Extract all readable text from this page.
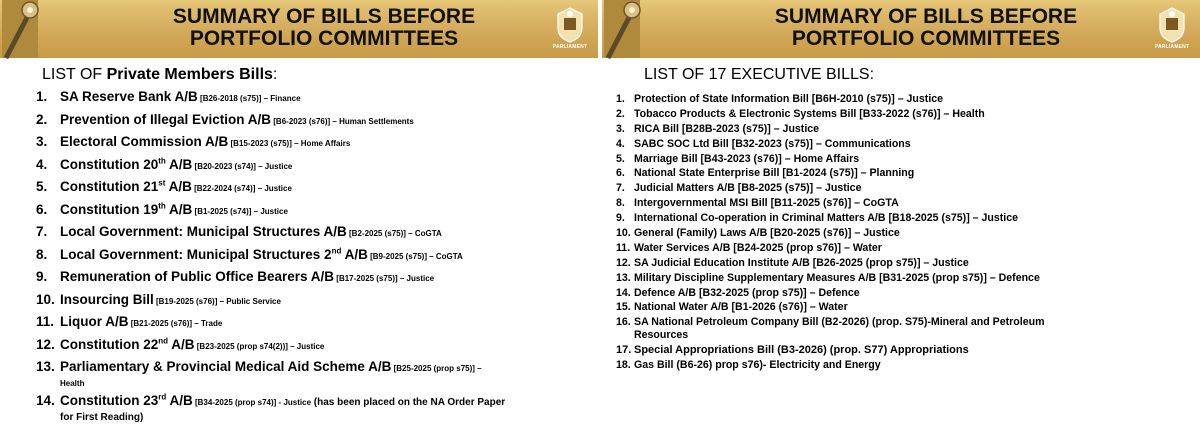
SUMMARY OF BILLS BEFORE
PORTFOLIO COMMITTEES	PARLIAMENT
LIST OF Private Members Bills:
1. SA Reserve Bank A/B [B26-2018 (s75)] – Finance
2. Prevention of Illegal Eviction A/B [B6-2023 (s76)] – Human Settlements
3. Electoral Commission A/B [B15-2023 (s75)] – Home Affairs
4. Constitution 20th A/B [B20-2023 (s74)] – Justice
5. Constitution 21st A/B [B22-2024 (s74)] – Justice
6. Constitution 19th A/B [B1-2025 (s74)] – Justice
7. Local Government: Municipal Structures A/B [B2-2025 (s75)] – CoGTA
8. Local Government: Municipal Structures 2nd A/B [B9-2025 (s75)] – CoGTA
9. Remuneration of Public Office Bearers A/B [B17-2025 (s75)] – Justice
10. Insourcing Bill [B19-2025 (s76)] – Public Service
11. Liquor A/B [B21-2025 (s76)] – Trade
12. Constitution 22nd A/B [B23-2025 (prop s74(2))] – Justice
13. Parliamentary & Provincial Medical Aid Scheme A/B [B25-2025 (prop s75)] –
Health
14. Constitution 23rd A/B [B34-2025 (prop s74)] - Justice (has been placed on the NA Order Paper
for First Reading)
SUMMARY OF BILLS BEFORE
PORTFOLIO COMMITTEES	PARLIAMENT
LIST OF 17 EXECUTIVE BILLS:
1. Protection of State Information Bill [B6H-2010 (s75)] – Justice
2. Tobacco Products & Electronic Systems Bill [B33-2022 (s76)] – Health
3. RICA Bill [B28B-2023 (s75)] – Justice
4. SABC SOC Ltd Bill [B32-2023 (s75)] – Communications
5. Marriage Bill [B43-2023 (s76)] – Home Affairs
6. National State Enterprise Bill [B1-2024 (s75)] – Planning
7. Judicial Matters A/B [B8-2025 (s75)] – Justice
8. Intergovernmental MSI Bill [B11-2025 (s76)] – CoGTA
9. International Co-operation in Criminal Matters A/B [B18-2025 (s75)] – Justice
10. General (Family) Laws A/B [B20-2025 (s76)] – Justice
11. Water Services A/B [B24-2025 (prop s76)] – Water
12. SA Judicial Education Institute A/B [B26-2025 (prop s75)] – Justice
13. Military Discipline Supplementary Measures A/B [B31-2025 (prop s75)] – Defence
14. Defence A/B [B32-2025 (prop s75)] – Defence
15. National Water A/B [B1-2026 (s76)] – Water
16. SA National Petroleum Company Bill (B2-2026) (prop. S75)-Mineral and Petroleum
Resources
17. Special Appropriations Bill (B3-2026) (prop. S77) Appropriations
18. Gas Bill (B6-26) prop s76)- Electricity and Energy
